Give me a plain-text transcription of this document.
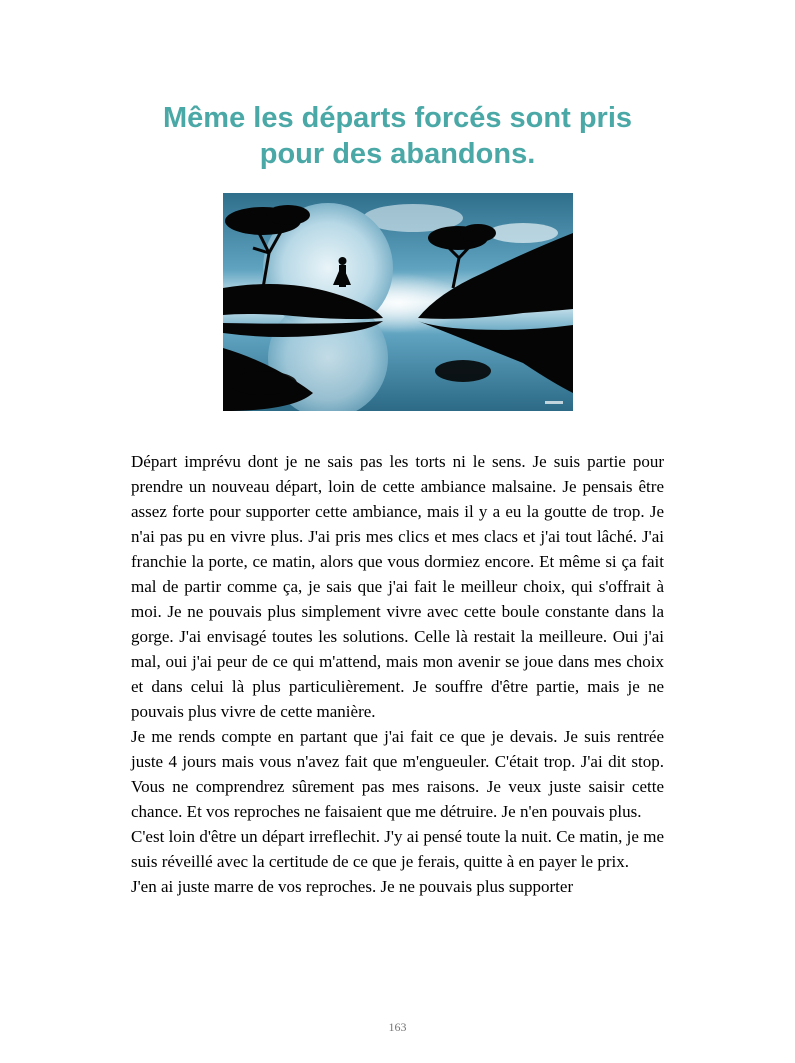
Même les départs forcés sont pris
pour des abandons.

Départ imprévu dont je ne sais pas les torts ni le sens. Je suis partie pour prendre un nouveau départ, loin de cette ambiance malsaine. Je pensais être assez forte pour supporter cette ambiance, mais il y a eu la goutte de trop. Je n'ai pas pu en vivre plus. J'ai pris mes clics et mes clacs et j'ai tout lâché. J'ai franchie la porte, ce matin, alors que vous dormiez encore. Et même si ça fait mal de partir comme ça, je sais que j'ai fait le meilleur choix, qui s'offrait à moi. Je ne pouvais plus simplement vivre avec cette boule constante dans la gorge. J'ai envisagé toutes les solutions. Celle là restait la meilleure. Oui j'ai mal, oui j'ai peur de ce qui m'attend, mais mon avenir se joue dans mes choix et dans celui là plus particulièrement. Je souffre d'être partie, mais je ne pouvais plus vivre de cette manière.

Je me rends compte en partant que j'ai fait ce que je devais. Je suis rentrée juste 4 jours mais vous n'avez fait que m'engueuler. C'était trop. J'ai dit stop. Vous ne comprendrez sûrement pas mes raisons. Je veux juste saisir cette chance. Et vos reproches ne faisaient que me détruire. Je n'en pouvais plus.

C'est loin d'être un départ irreflechit. J'y ai pensé toute la nuit. Ce matin, je me suis réveillé avec la certitude de ce que je ferais, quitte à en payer le prix.

J'en ai juste marre de vos reproches. Je ne pouvais plus supporter

163
